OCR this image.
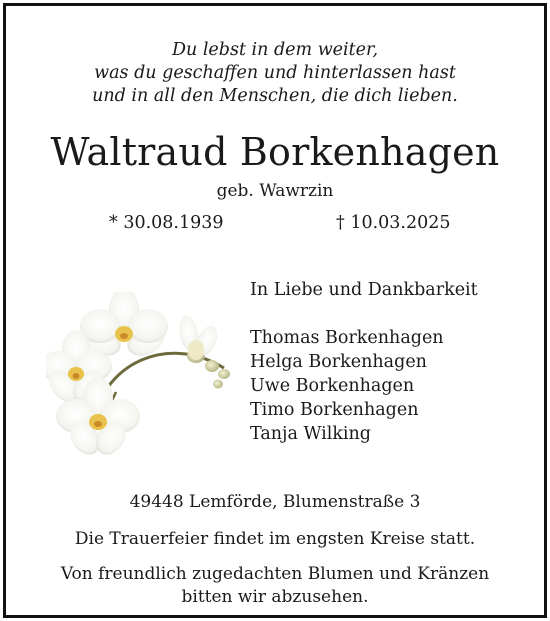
Du lebst in dem weiter,
was du geschaffen und hinterlassen hast
und in all den Menschen, die dich lieben.
Waltraud Borkenhagen
geb. Wawrzin
* 30.08.1939	† 10.03.2025
In Liebe und Dankbarkeit
Thomas Borkenhagen
Helga Borkenhagen
Uwe Borkenhagen
Timo Borkenhagen
Tanja Wilking
49448 Lemförde, Blumenstraße 3
Die Trauerfeier findet im engsten Kreise statt.
Von freundlich zugedachten Blumen und Kränzen
bitten wir abzusehen.
